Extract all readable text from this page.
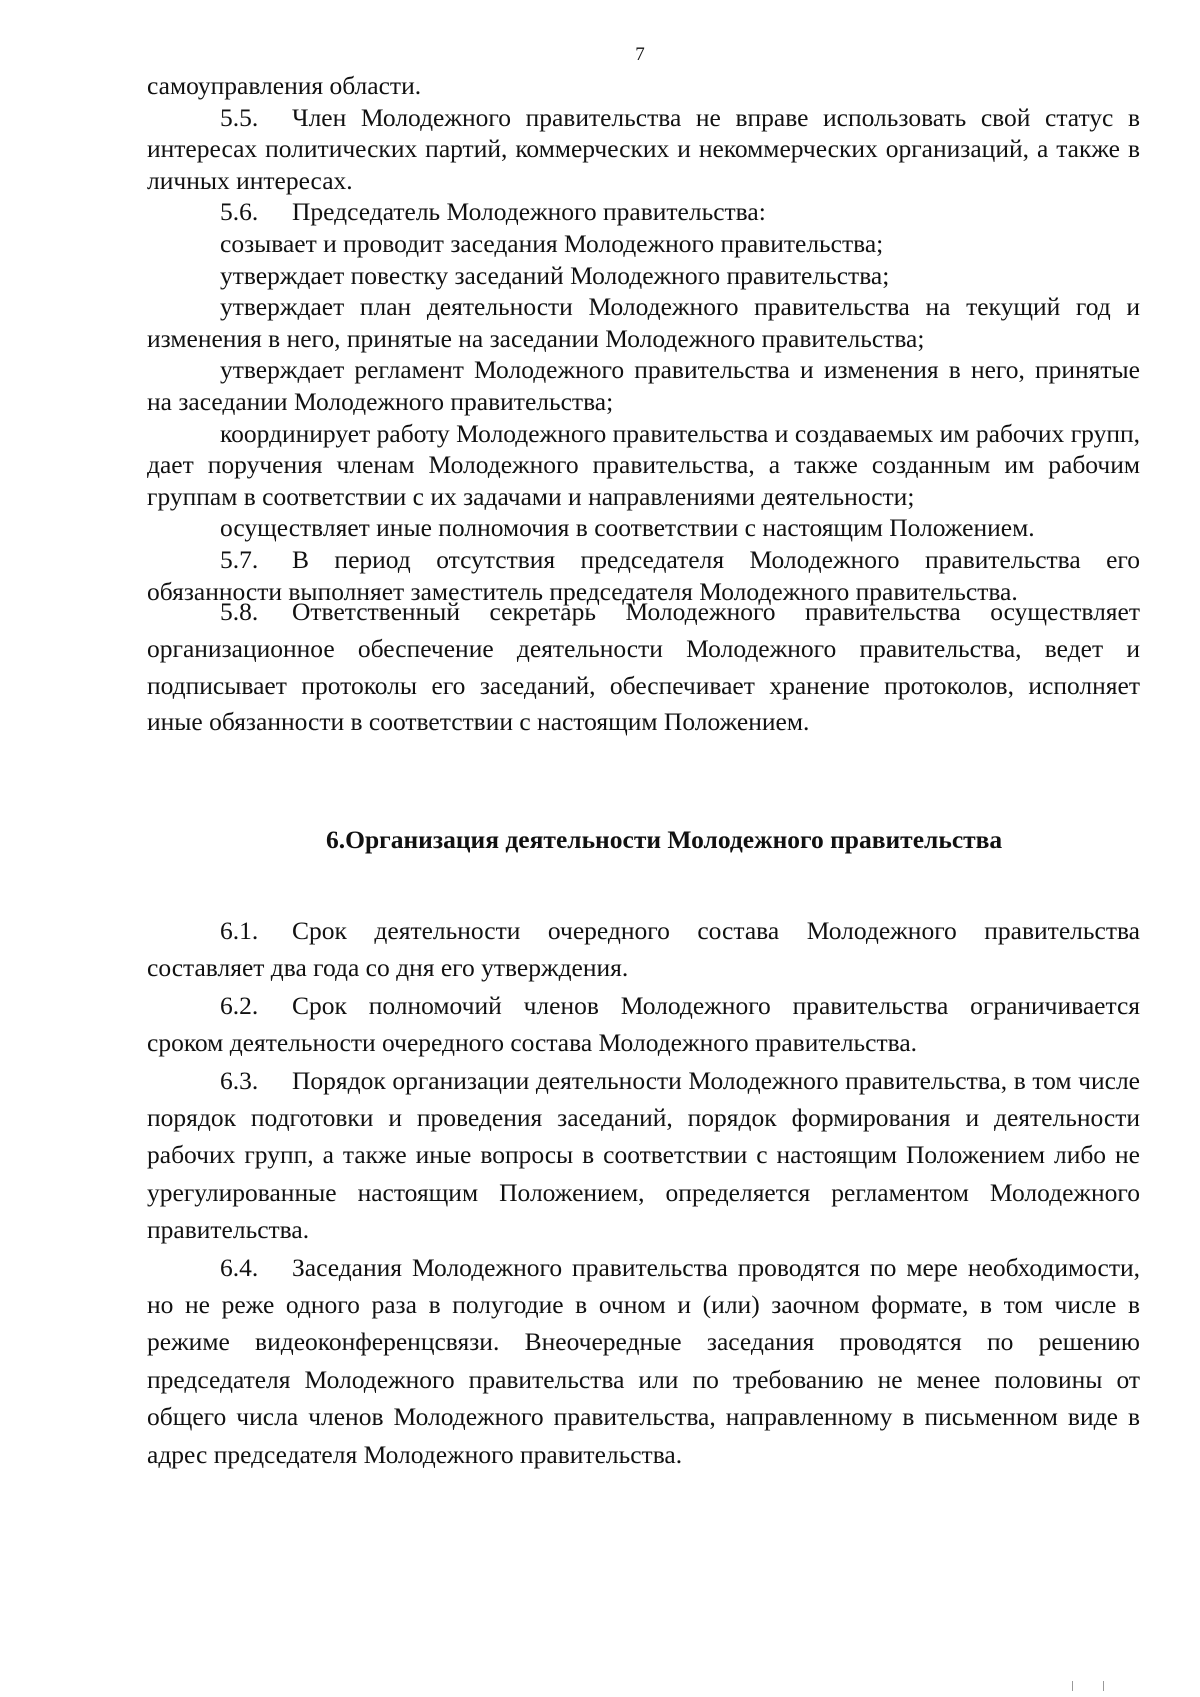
7

самоуправления области.

5.5. Член Молодежного правительства не вправе использовать свой статус в интересах политических партий, коммерческих и некоммерческих организаций, а также в личных интересах.

5.6. Председатель Молодежного правительства:

созывает и проводит заседания Молодежного правительства;

утверждает повестку заседаний Молодежного правительства;

утверждает план деятельности Молодежного правительства на текущий год и изменения в него, принятые на заседании Молодежного правительства;

утверждает регламент Молодежного правительства и изменения в него, принятые на заседании Молодежного правительства;

координирует работу Молодежного правительства и создаваемых им рабочих групп, дает поручения членам Молодежного правительства, а также созданным им рабочим группам в соответствии с их задачами и направлениями деятельности;

осуществляет иные полномочия в соответствии с настоящим Положением.

5.7. В период отсутствия председателя Молодежного правительства его обязанности выполняет заместитель председателя Молодежного правительства.

5.8. Ответственный секретарь Молодежного правительства осуществляет организационное обеспечение деятельности Молодежного правительства, ведет и подписывает протоколы его заседаний, обеспечивает хранение протоколов, исполняет иные обязанности в соответствии с настоящим Положением.

6.Организация деятельности Молодежного правительства

6.1. Срок деятельности очередного состава Молодежного правительства составляет два года со дня его утверждения.

6.2. Срок полномочий членов Молодежного правительства ограничивается сроком деятельности очередного состава Молодежного правительства.

6.3. Порядок организации деятельности Молодежного правительства, в том числе порядок подготовки и проведения заседаний, порядок формирования и деятельности рабочих групп, а также иные вопросы в соответствии с настоящим Положением либо не урегулированные настоящим Положением, определяется регламентом Молодежного правительства.

6.4. Заседания Молодежного правительства проводятся по мере необходимости, но не реже одного раза в полугодие в очном и (или) заочном формате, в том числе в режиме видеоконференцсвязи. Внеочередные заседания проводятся по решению председателя Молодежного правительства или по требованию не менее половины от общего числа членов Молодежного правительства, направленному в письменном виде в адрес председателя Молодежного правительства.
